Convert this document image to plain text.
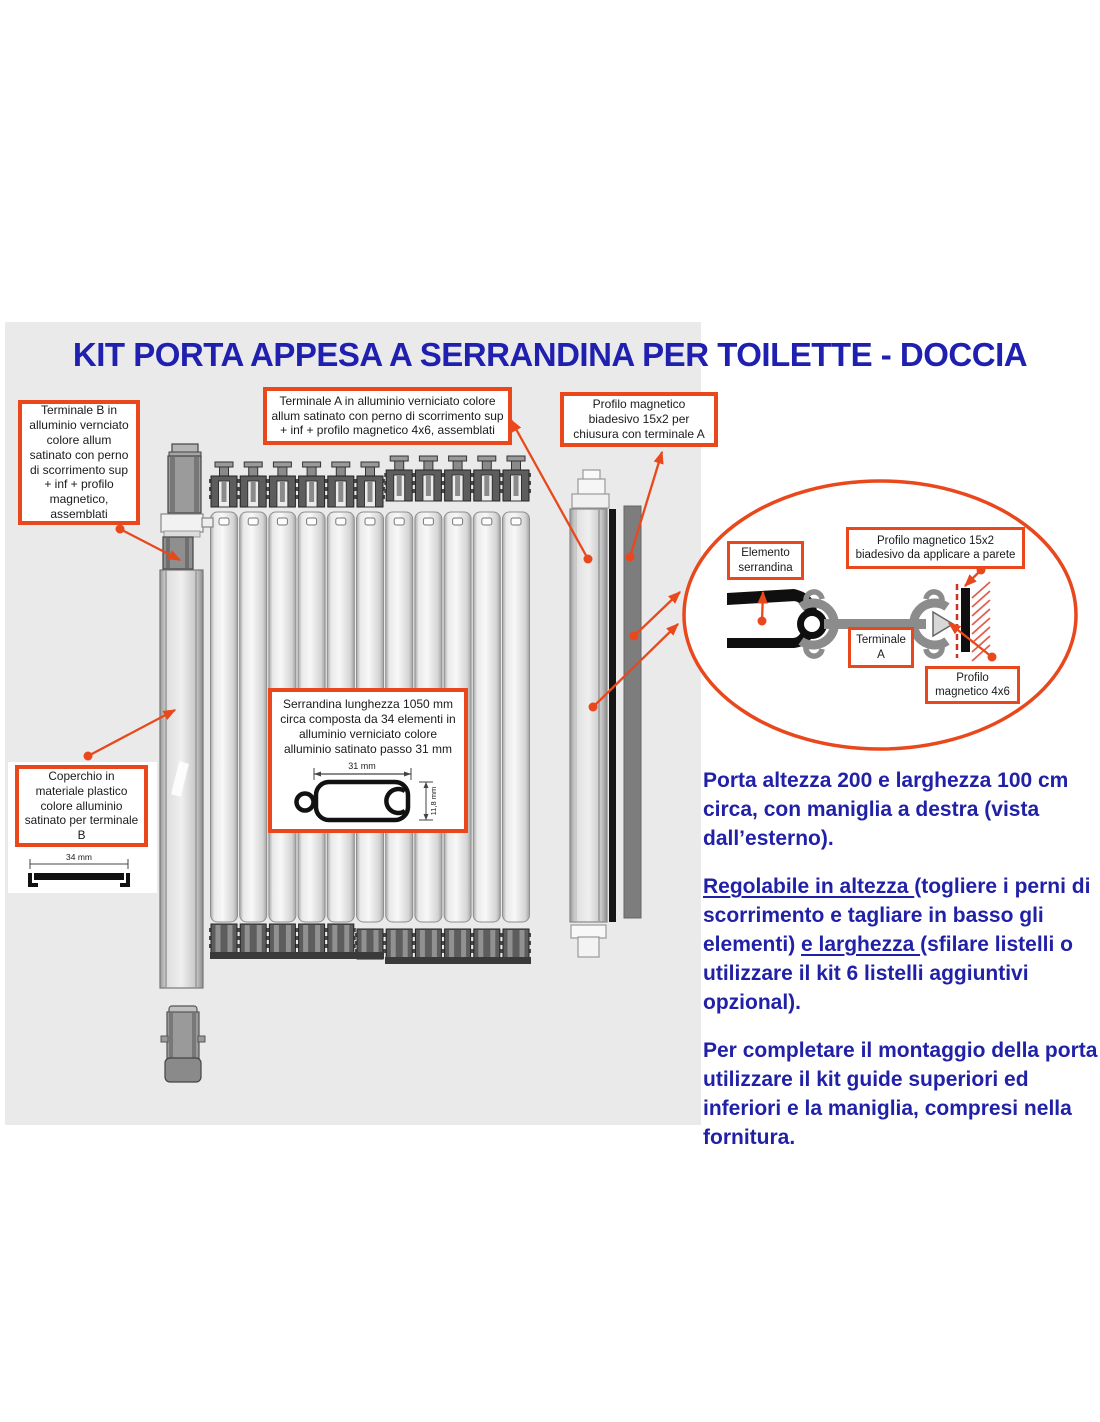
KIT PORTA APPESA A SERRANDINA PER TOILETTE - DOCCIA
Terminale B in alluminio vernciato colore allum satinato con perno di scorrimento sup + inf + profilo magnetico, assemblati
Terminale A in alluminio verniciato colore allum satinato con perno di scorrimento sup + inf + profilo magnetico 4x6, assemblati
Profilo magnetico biadesivo 15x2 per chiusura con terminale A
Coperchio in materiale plastico colore alluminio satinato per terminale B
34 mm
Serrandina lunghezza 1050 mm circa composta da 34 elementi in alluminio verniciato colore alluminio satinato passo 31 mm
31 mm
11,8 mm
Elemento serrandina
Profilo magnetico 15x2 biadesivo da applicare a parete
Terminale A
Profilo magnetico 4x6

Porta altezza 200 e larghezza 100 cm circa, con maniglia a destra (vista dall’esterno).

Regolabile in altezza (togliere i perni di scorrimento e tagliare in basso gli elementi) e larghezza (sfilare listelli o utilizzare il kit 6 listelli aggiuntivi opzional).

Per completare il montaggio della porta utilizzare il kit guide superiori ed inferiori e la maniglia, compresi nella fornitura.
